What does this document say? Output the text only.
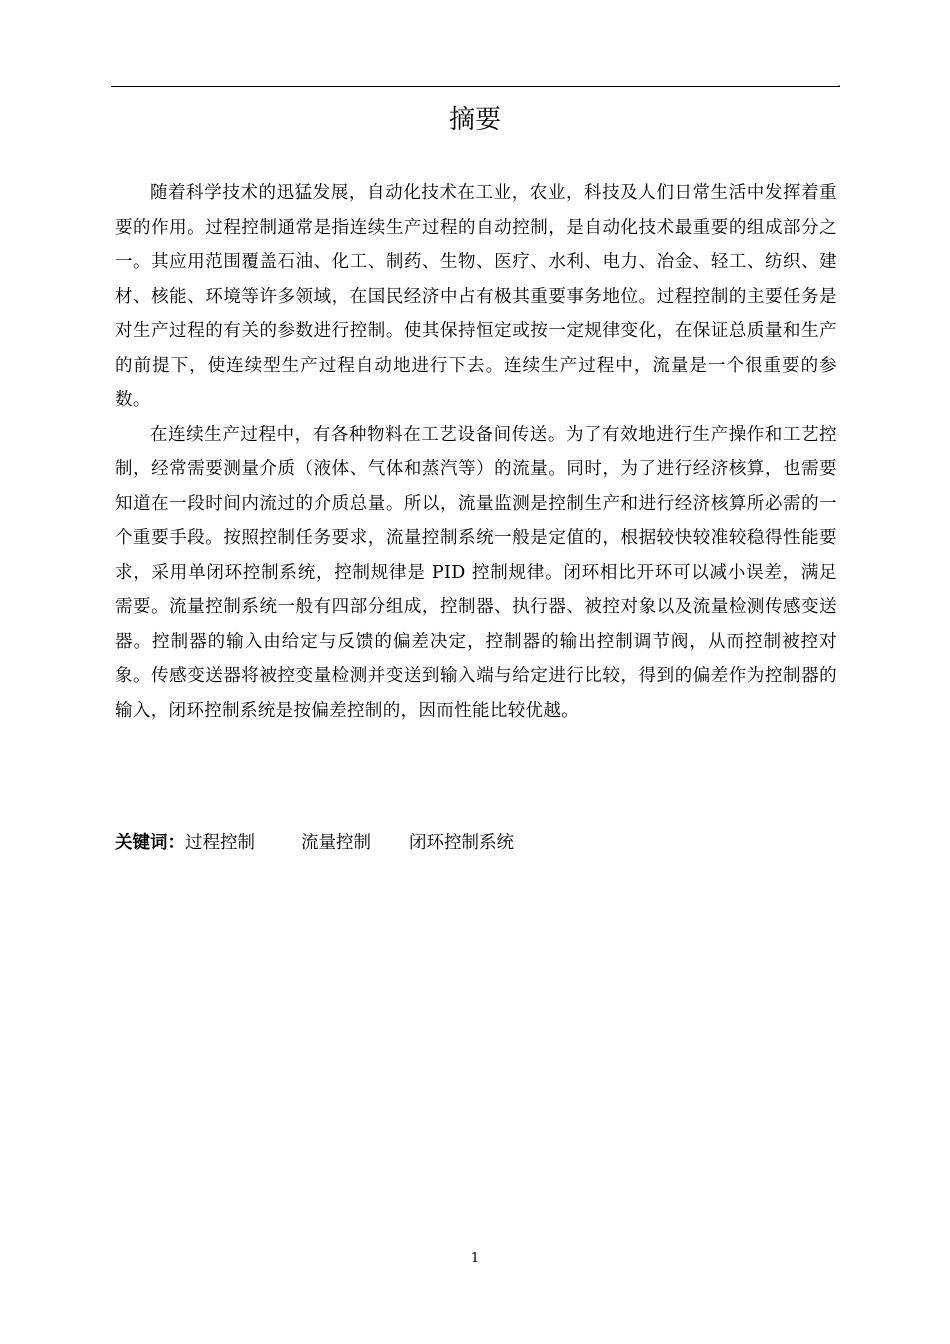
.
摘要

随着科学技术的迅猛发展，自动化技术在工业，农业，科技及人们日常生活中发挥着重要的作用。过程控制通常是指连续生产过程的自动控制，是自动化技术最重要的组成部分之一。其应用范围覆盖石油、化工、制药、生物、医疗、水利、电力、冶金、轻工、纺织、建材、核能、环境等许多领域，在国民经济中占有极其重要事务地位。过程控制的主要任务是对生产过程的有关的参数进行控制。使其保持恒定或按一定规律变化，在保证总质量和生产的前提下，使连续型生产过程自动地进行下去。连续生产过程中，流量是一个很重要的参数。

在连续生产过程中，有各种物料在工艺设备间传送。为了有效地进行生产操作和工艺控制，经常需要测量介质（液体、气体和蒸汽等）的流量。同时，为了进行经济核算，也需要知道在一段时间内流过的介质总量。所以，流量监测是控制生产和进行经济核算所必需的一个重要手段。按照控制任务要求，流量控制系统一般是定值的，根据较快较准较稳得性能要求，采用单闭环控制系统，控制规律是 PID 控制规律。闭环相比开环可以减小误差，满足需要。流量控制系统一般有四部分组成，控制器、执行器、被控对象以及流量检测传感变送器。控制器的输入由给定与反馈的偏差决定，控制器的输出控制调节阀，从而控制被控对象。传感变送器将被控变量检测并变送到输入端与给定进行比较，得到的偏差作为控制器的输入，闭环控制系统是按偏差控制的，因而性能比较优越。

关键词：过程控制	流量控制 闭环控制系统
1
